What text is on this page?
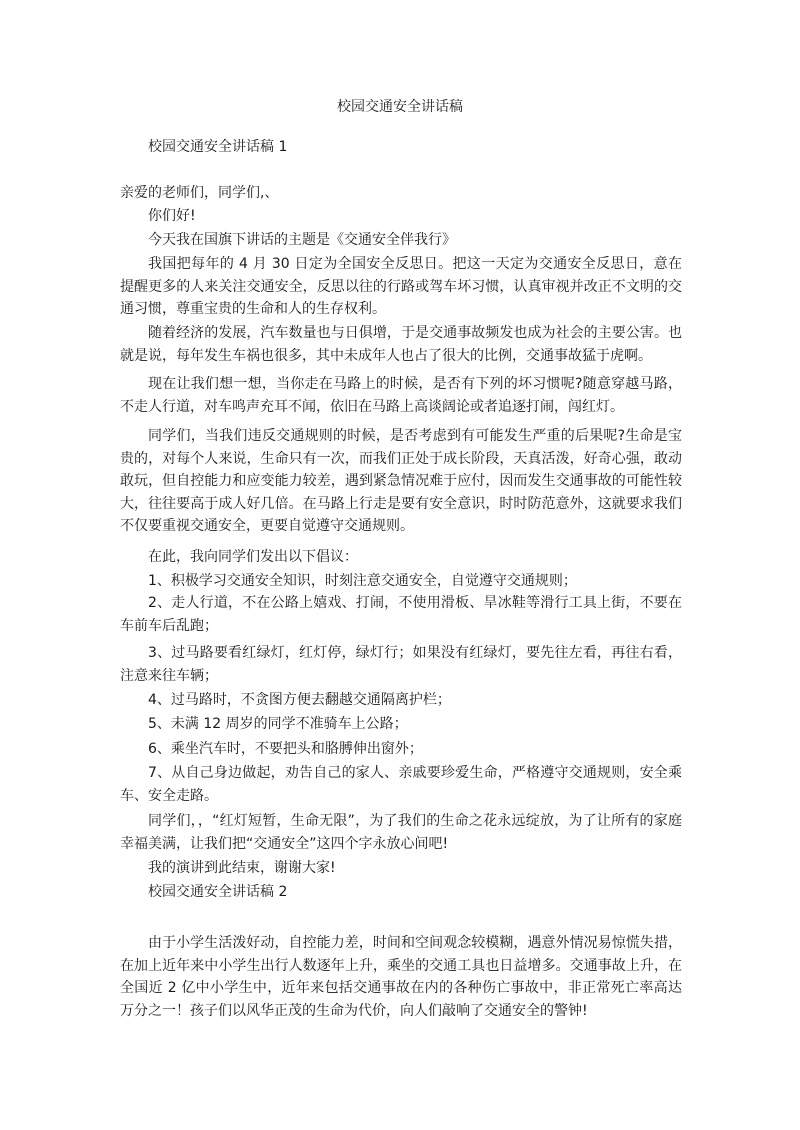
校园交通安全讲话稿
校园交通安全讲话稿 1
亲爱的老师们，同学们,、
你们好!
今天我在国旗下讲话的主题是《交通安全伴我行》

我国把每年的 4 月 30 日定为全国安全反思日。把这一天定为交通安全反思日，意在提醒更多的人来关注交通安全，反思以往的行路或驾车坏习惯，认真审视并改正不文明的交通习惯，尊重宝贵的生命和人的生存权利。

随着经济的发展，汽车数量也与日俱增，于是交通事故频发也成为社会的主要公害。也就是说，每年发生车祸也很多，其中未成年人也占了很大的比例，交通事故猛于虎啊。

现在让我们想一想，当你走在马路上的时候，是否有下列的坏习惯呢?随意穿越马路，不走人行道，对车鸣声充耳不闻，依旧在马路上高谈阔论或者追逐打闹，闯红灯。

同学们，当我们违反交通规则的时候，是否考虑到有可能发生严重的后果呢?生命是宝贵的，对每个人来说，生命只有一次，而我们正处于成长阶段，天真活泼，好奇心强，敢动敢玩，但自控能力和应变能力较差，遇到紧急情况难于应付，因而发生交通事故的可能性较大，往往要高于成人好几倍。在马路上行走是要有安全意识，时时防范意外，这就要求我们不仅要重视交通安全，更要自觉遵守交通规则。

在此，我向同学们发出以下倡议：
1、积极学习交通安全知识，时刻注意交通安全，自觉遵守交通规则；

2、走人行道，不在公路上嬉戏、打闹，不使用滑板、旱冰鞋等滑行工具上街，不要在车前车后乱跑；

3、过马路要看红绿灯，红灯停，绿灯行；如果没有红绿灯，要先往左看，再往右看，注意来往车辆；

4、过马路时，不贪图方便去翻越交通隔离护栏；
5、未满 12 周岁的同学不准骑车上公路；
6、乘坐汽车时，不要把头和胳膊伸出窗外；

7、从自己身边做起，劝告自己的家人、亲戚要珍爱生命，严格遵守交通规则，安全乘车、安全走路。

同学们，，“红灯短暂，生命无限”，为了我们的生命之花永远绽放，为了让所有的家庭幸福美满，让我们把“交通安全”这四个字永放心间吧!

我的演讲到此结束，谢谢大家!
校园交通安全讲话稿 2

由于小学生活泼好动，自控能力差，时间和空间观念较模糊，遇意外情况易惊慌失措，在加上近年来中小学生出行人数逐年上升，乘坐的交通工具也日益增多。交通事故上升，在全国近 2 亿中小学生中，近年来包括交通事故在内的各种伤亡事故中，非正常死亡率高达万分之一！孩子们以风华正茂的生命为代价，向人们敲响了交通安全的警钟!
